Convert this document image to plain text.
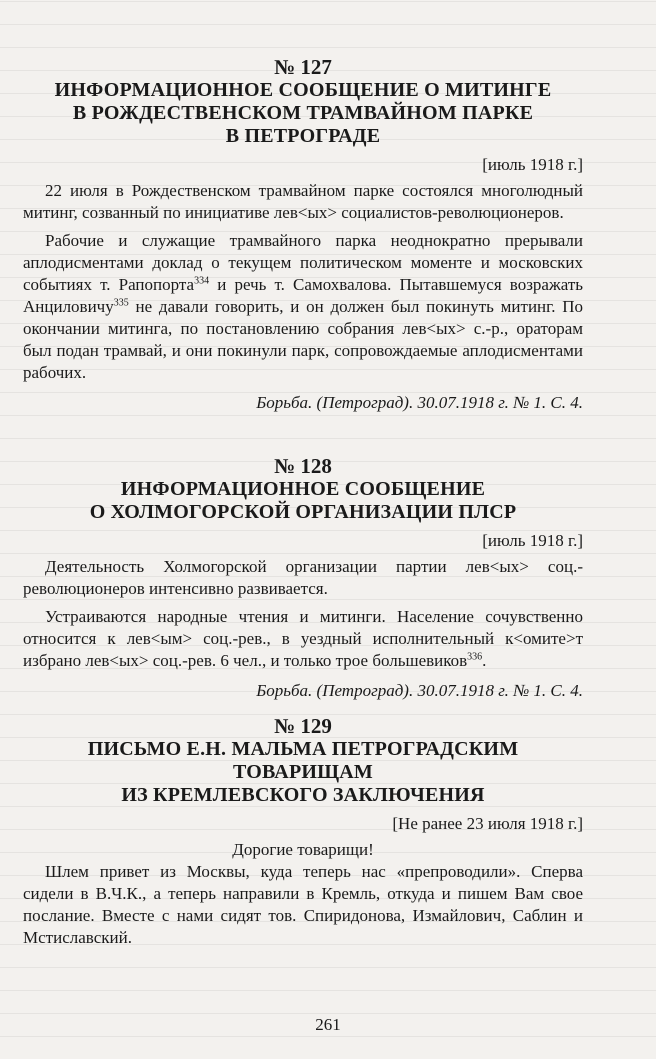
№ 127
ИНФОРМАЦИОННОЕ СООБЩЕНИЕ О МИТИНГЕ
В РОЖДЕСТВЕНСКОМ ТРАМВАЙНОМ ПАРКЕ
В ПЕТРОГРАДЕ
[июль 1918 г.]

22 июля в Рождественском трамвайном парке состоялся многолюдный митинг, созванный по инициативе лев<ых> социалистов-революционеров.

Рабочие и служащие трамвайного парка неоднократно прерывали аплодисментами доклад о текущем политическом моменте и московских событиях т. Рапопорта$^{334}$ и речь т. Самохвалова. Пытавшемуся возражать Анциловичу$^{335}$ не давали говорить, и он должен был покинуть митинг. По окончании митинга, по постановлению собрания лев<ых> с.-р., ораторам был подан трамвай, и они покинули парк, сопровождаемые аплодисментами рабочих.

Борьба. (Петроград). 30.07.1918 г. № 1. С. 4.
№ 128
ИНФОРМАЦИОННОЕ СООБЩЕНИЕ
О ХОЛМОГОРСКОЙ ОРГАНИЗАЦИИ ПЛСР
[июль 1918 г.]

Деятельность Холмогорской организации партии лев<ых> соц.-революционеров интенсивно развивается.

Устраиваются народные чтения и митинги. Население сочувственно относится к лев<ым> соц.-рев., в уездный исполнительный к<омите>т избрано лев<ых> соц.-рев. 6 чел., и только трое большевиков$^{336}$.

Борьба. (Петроград). 30.07.1918 г. № 1. С. 4.
№ 129
ПИСЬМО Е.Н. МАЛЬМА ПЕТРОГРАДСКИМ ТОВАРИЩАМ
ИЗ КРЕМЛЕВСКОГО ЗАКЛЮЧЕНИЯ
[Не ранее 23 июля 1918 г.]
Дорогие товарищи!

Шлем привет из Москвы, куда теперь нас «препроводили». Сперва сидели в В.Ч.К., а теперь направили в Кремль, откуда и пишем Вам свое послание. Вместе с нами сидят тов. Спиридонова, Измайлович, Саблин и Мстиславский.

261
